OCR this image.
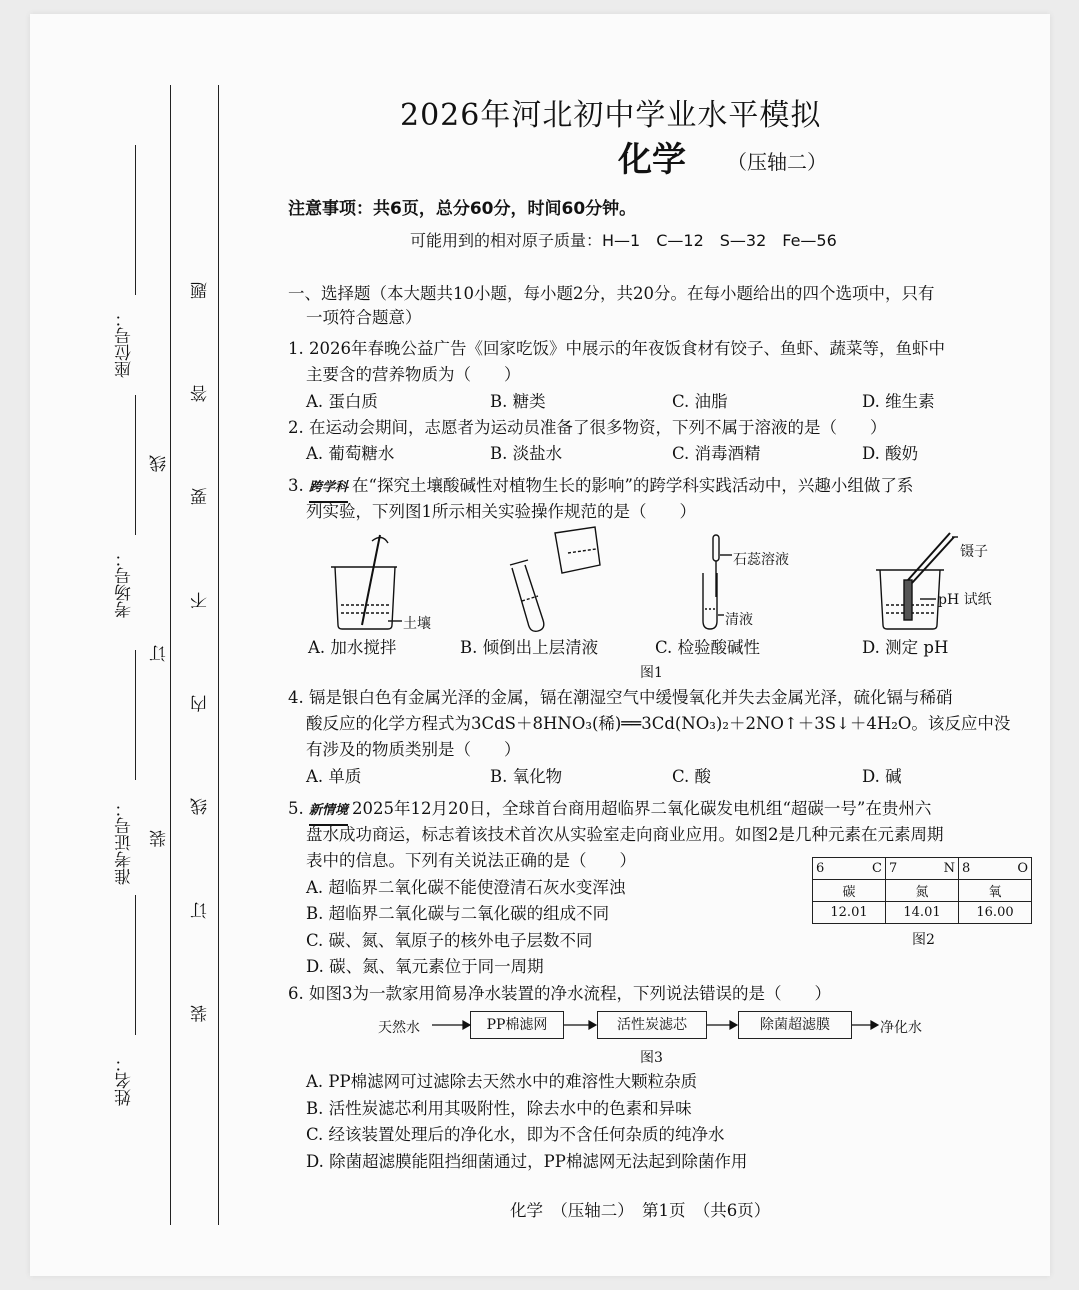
座位号：
考场号：
准考证号：
姓名：
线
订
装
题
答
要
不
内
线
订
装
2026年河北初中学业水平模拟
化学 （压轴二）
注意事项：共6页，总分60分，时间60分钟。
可能用到的相对原子质量：H—1　C—12　S—32　Fe—56
一、选择题（本大题共10小题，每小题2分，共20分。在每小题给出的四个选项中，只有
一项符合题意）
1. 2026年春晚公益广告《回家吃饭》中展示的年夜饭食材有饺子、鱼虾、蔬菜等，鱼虾中
主要含的营养物质为（　　）
A. 蛋白质	B. 糖类	C. 油脂	D. 维生素
2. 在运动会期间，志愿者为运动员准备了很多物资，下列不属于溶液的是（　　）
A. 葡萄糖水	B. 淡盐水	C. 消毒酒精	D. 酸奶
3. 跨学科 在“探究土壤酸碱性对植物生长的影响”的跨学科实践活动中，兴趣小组做了系
列实验，下列图1所示相关实验操作规范的是（　　）
土壤
石蕊溶液
清液
镊子
pH 试纸
A. 加水搅拌	B. 倾倒出上层清液	C. 检验酸碱性	D. 测定 pH
图1
4. 镉是银白色有金属光泽的金属，镉在潮湿空气中缓慢氧化并失去金属光泽，硫化镉与稀硝
酸反应的化学方程式为3CdS＋8HNO₃(稀)══3Cd(NO₃)₂＋2NO↑＋3S↓＋4H₂O。该反应中没
有涉及的物质类别是（　　）
A. 单质	B. 氧化物	C. 酸	D. 碱
5. 新情境 2025年12月20日，全球首台商用超临界二氧化碳发电机组“超碳一号”在贵州六
盘水成功商运，标志着该技术首次从实验室走向商业应用。如图2是几种元素在元素周期
表中的信息。下列有关说法正确的是（　　）
A. 超临界二氧化碳不能使澄清石灰水变浑浊
B. 超临界二氧化碳与二氧化碳的组成不同
C. 碳、氮、氧原子的核外电子层数不同
D. 碳、氮、氧元素位于同一周期
6 C	7 N	8 O

碳	氮	氧
12.01	14.01	16.00
图2
6. 如图3为一款家用简易净水装置的净水流程，下列说法错误的是（　　）
天然水	PP棉滤网	活性炭滤芯	除菌超滤膜	净化水
图3
A. PP棉滤网可过滤除去天然水中的难溶性大颗粒杂质
B. 活性炭滤芯利用其吸附性，除去水中的色素和异味
C. 经该装置处理后的净化水，即为不含任何杂质的纯净水
D. 除菌超滤膜能阻挡细菌通过，PP棉滤网无法起到除菌作用
化学　（压轴二）　第1页　（共6页）
